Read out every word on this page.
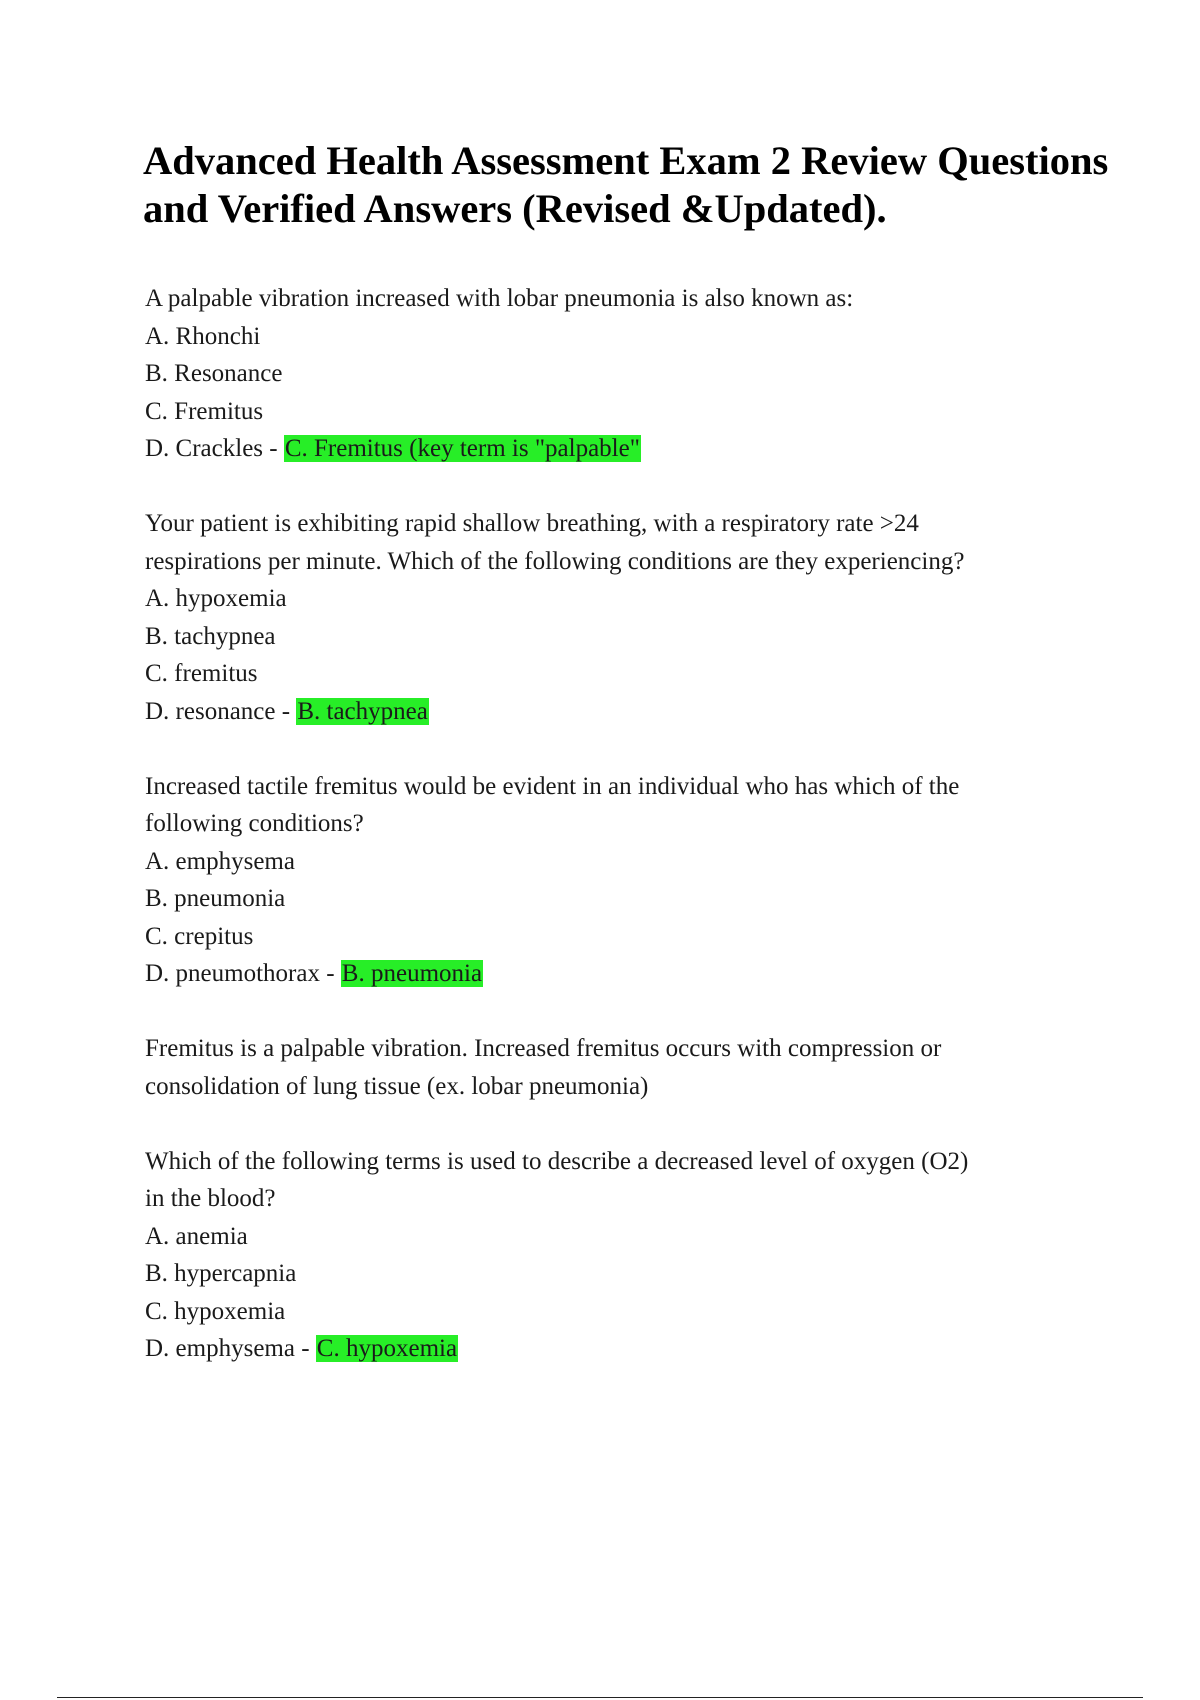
Advanced Health Assessment Exam 2 Review Questions
and Verified Answers (Revised &Updated).
A palpable vibration increased with lobar pneumonia is also known as:
A. Rhonchi
B. Resonance
C. Fremitus
D. Crackles - C. Fremitus (key term is "palpable"
Your patient is exhibiting rapid shallow breathing, with a respiratory rate >24
respirations per minute. Which of the following conditions are they experiencing?
A. hypoxemia
B. tachypnea
C. fremitus
D. resonance - B. tachypnea
Increased tactile fremitus would be evident in an individual who has which of the
following conditions?
A. emphysema
B. pneumonia
C. crepitus
D. pneumothorax - B. pneumonia
Fremitus is a palpable vibration. Increased fremitus occurs with compression or
consolidation of lung tissue (ex. lobar pneumonia)
Which of the following terms is used to describe a decreased level of oxygen (O2)
in the blood?
A. anemia
B. hypercapnia
C. hypoxemia
D. emphysema - C. hypoxemia
